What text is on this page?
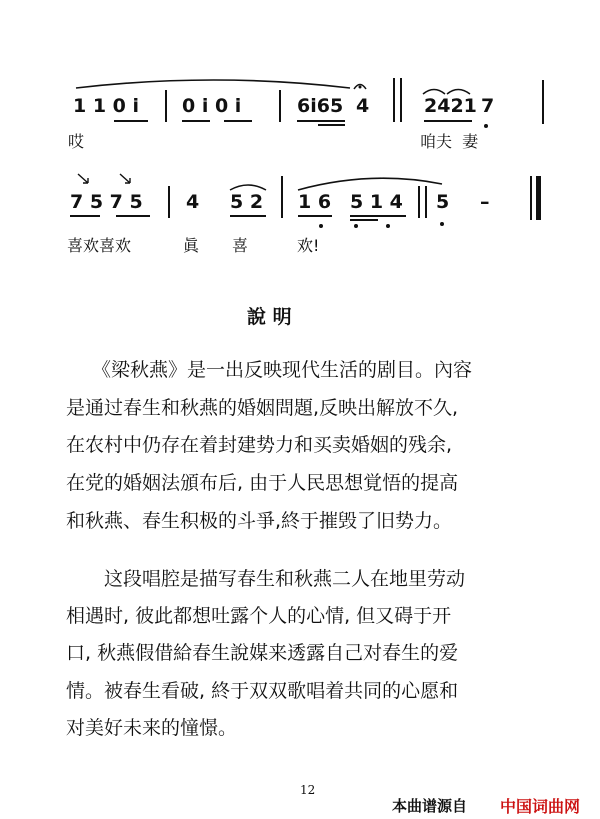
1 1 0 i 0 i 0 i	6i65 4	2421 7
哎	咱夫  妻
7 5 7 5 4 5 2 1 6 5 1 4 5 –
喜欢喜欢	眞 喜	欢!
說 明
《梁秋燕》是一出反映现代生活的剧目。內容
是通过春生和秋燕的婚姻問題,反映出解放不久,
在农村中仍存在着封建势力和买卖婚姻的残余,
在党的婚姻法頒布后, 由于人民思想覚悟的提高
和秋燕、春生积极的斗爭,終于摧毁了旧势力。
这段唱腔是描写春生和秋燕二人在地里劳动
相遇时, 彼此都想吐露个人的心情, 但又碍于开
口, 秋燕假借給春生說媒来透露自己对春生的爱
情。被春生看破, 終于双双歌唱着共同的心愿和
对美好未来的憧憬。
12
本曲谱源自 中国词曲网
